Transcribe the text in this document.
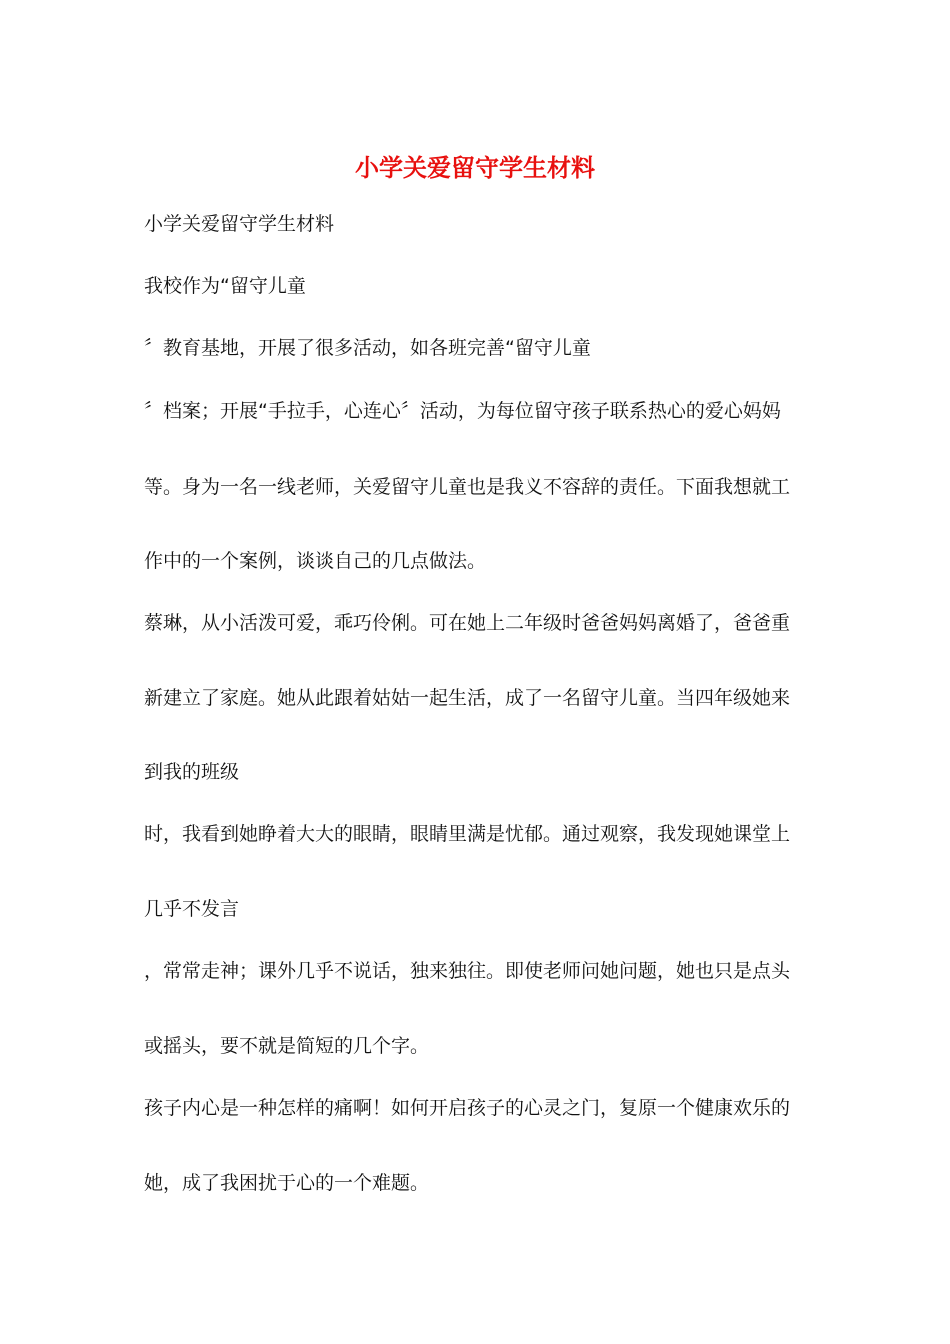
小学关爱留守学生材料
小学关爱留守学生材料
我校作为“留守儿童
〞教育基地，开展了很多活动，如各班完善“留守儿童
〞档案；开展“手拉手，心连心〞活动，为每位留守孩子联系热心的爱心妈妈
等。身为一名一线老师，关爱留守儿童也是我义不容辞的责任。下面我想就工
作中的一个案例，谈谈自己的几点做法。
蔡琳，从小活泼可爱，乖巧伶俐。可在她上二年级时爸爸妈妈离婚了，爸爸重
新建立了家庭。她从此跟着姑姑一起生活，成了一名留守儿童。当四年级她来
到我的班级
时，我看到她睁着大大的眼睛，眼睛里满是忧郁。通过观察，我发现她课堂上
几乎不发言
，常常走神；课外几乎不说话，独来独往。即使老师问她问题，她也只是点头
或摇头，要不就是简短的几个字。
孩子内心是一种怎样的痛啊！如何开启孩子的心灵之门，复原一个健康欢乐的
她，成了我困扰于心的一个难题。
